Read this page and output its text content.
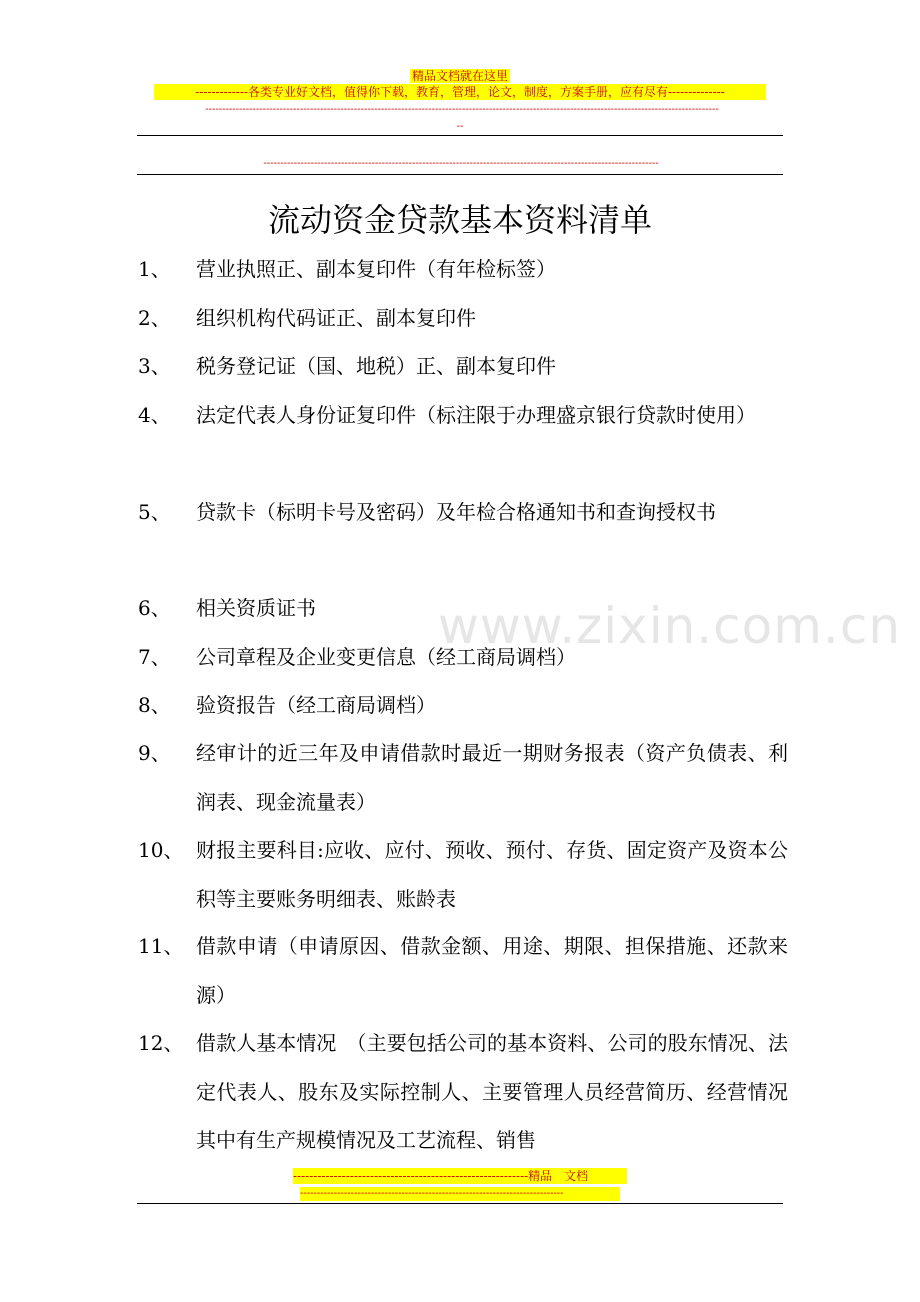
精品文档就在这里
-------------各类专业好文档，值得你下载，教育，管理，论文，制度，方案手册，应有尽有--------------
--------------------------------------------------------------------------------------------------------------------------------------------------------
--
---------------------------------------------------------------------------------------------------------------------
www.zixin.com.cn
流动资金贷款基本资料清单
1、 营业执照正、副本复印件（有年检标签）
2、 组织机构代码证正、副本复印件
3、 税务登记证（国、地税）正、副本复印件
4、 法定代表人身份证复印件（标注限于办理盛京银行贷款时使用）
5、 贷款卡（标明卡号及密码）及年检合格通知书和查询授权书
6、 相关资质证书
7、 公司章程及企业变更信息（经工商局调档）
8、 验资报告（经工商局调档）
9、 经审计的近三年及申请借款时最近一期财务报表（资产负债表、利润表、现金流量表）
10、 财报主要科目:应收、应付、预收、预付、存货、固定资产及资本公积等主要账务明细表、账龄表
11、 借款申请（申请原因、借款金额、用途、期限、担保措施、还款来源）
12、 借款人基本情况　（主要包括公司的基本资料、公司的股东情况、法定代表人、股东及实际控制人、主要管理人员经营简历、经营情况其中有生产规模情况及工艺流程、销售
----------------------------------------------------------精品　文档
------------------------------------------------------------------------------
